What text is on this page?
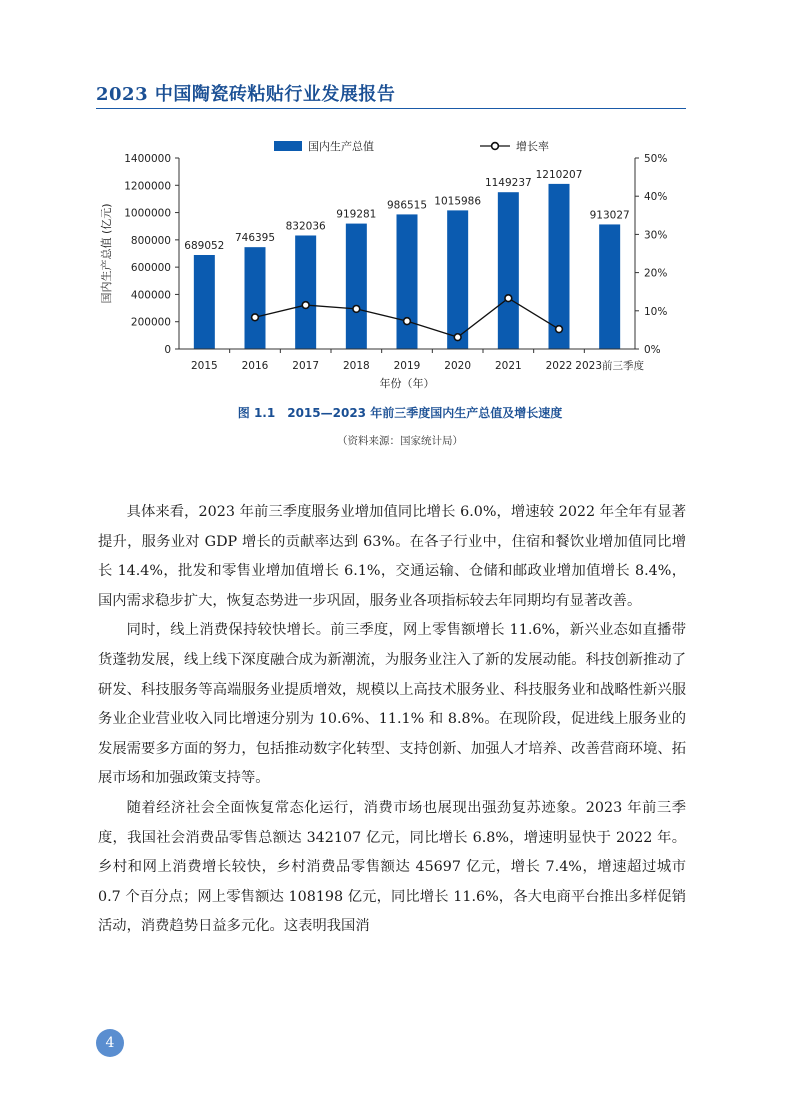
2023 中国陶瓷砖粘贴行业发展报告
国内生产总值	增长率
689052
746395
832036
919281
986515 1015986
1149237
1210207
913027
0
200000
400000
600000
800000
1000000
1200000
1400000
0%
10%
20%
30%
40%
50%
2015 2016 2017 2018 2019 2020 2021 2022 2023前三季度
年份（年）
国内生产总值 (亿元)
图 1.1　2015—2023 年前三季度国内生产总值及增长速度
（资料来源：国家统计局）

具体来看，2023 年前三季度服务业增加值同比增长 6.0%，增速较 2022 年全年有显著提升，服务业对 GDP 增长的贡献率达到 63%。在各子行业中，住宿和餐饮业增加值同比增长 14.4%，批发和零售业增加值增长 6.1%，交通运输、仓储和邮政业增加值增长 8.4%，国内需求稳步扩大，恢复态势进一步巩固，服务业各项指标较去年同期均有显著改善。

同时，线上消费保持较快增长。前三季度，网上零售额增长 11.6%，新兴业态如直播带货蓬勃发展，线上线下深度融合成为新潮流，为服务业注入了新的发展动能。科技创新推动了研发、科技服务等高端服务业提质增效，规模以上高技术服务业、科技服务业和战略性新兴服务业企业营业收入同比增速分别为 10.6%、11.1% 和 8.8%。在现阶段，促进线上服务业的发展需要多方面的努力，包括推动数字化转型、支持创新、加强人才培养、改善营商环境、拓展市场和加强政策支持等。

随着经济社会全面恢复常态化运行，消费市场也展现出强劲复苏迹象。2023 年前三季度，我国社会消费品零售总额达 342107 亿元，同比增长 6.8%，增速明显快于 2022 年。乡村和网上消费增长较快，乡村消费品零售额达 45697 亿元，增长 7.4%，增速超过城市 0.7 个百分点；网上零售额达 108198 亿元，同比增长 11.6%，各大电商平台推出多样促销活动，消费趋势日益多元化。这表明我国消

4
